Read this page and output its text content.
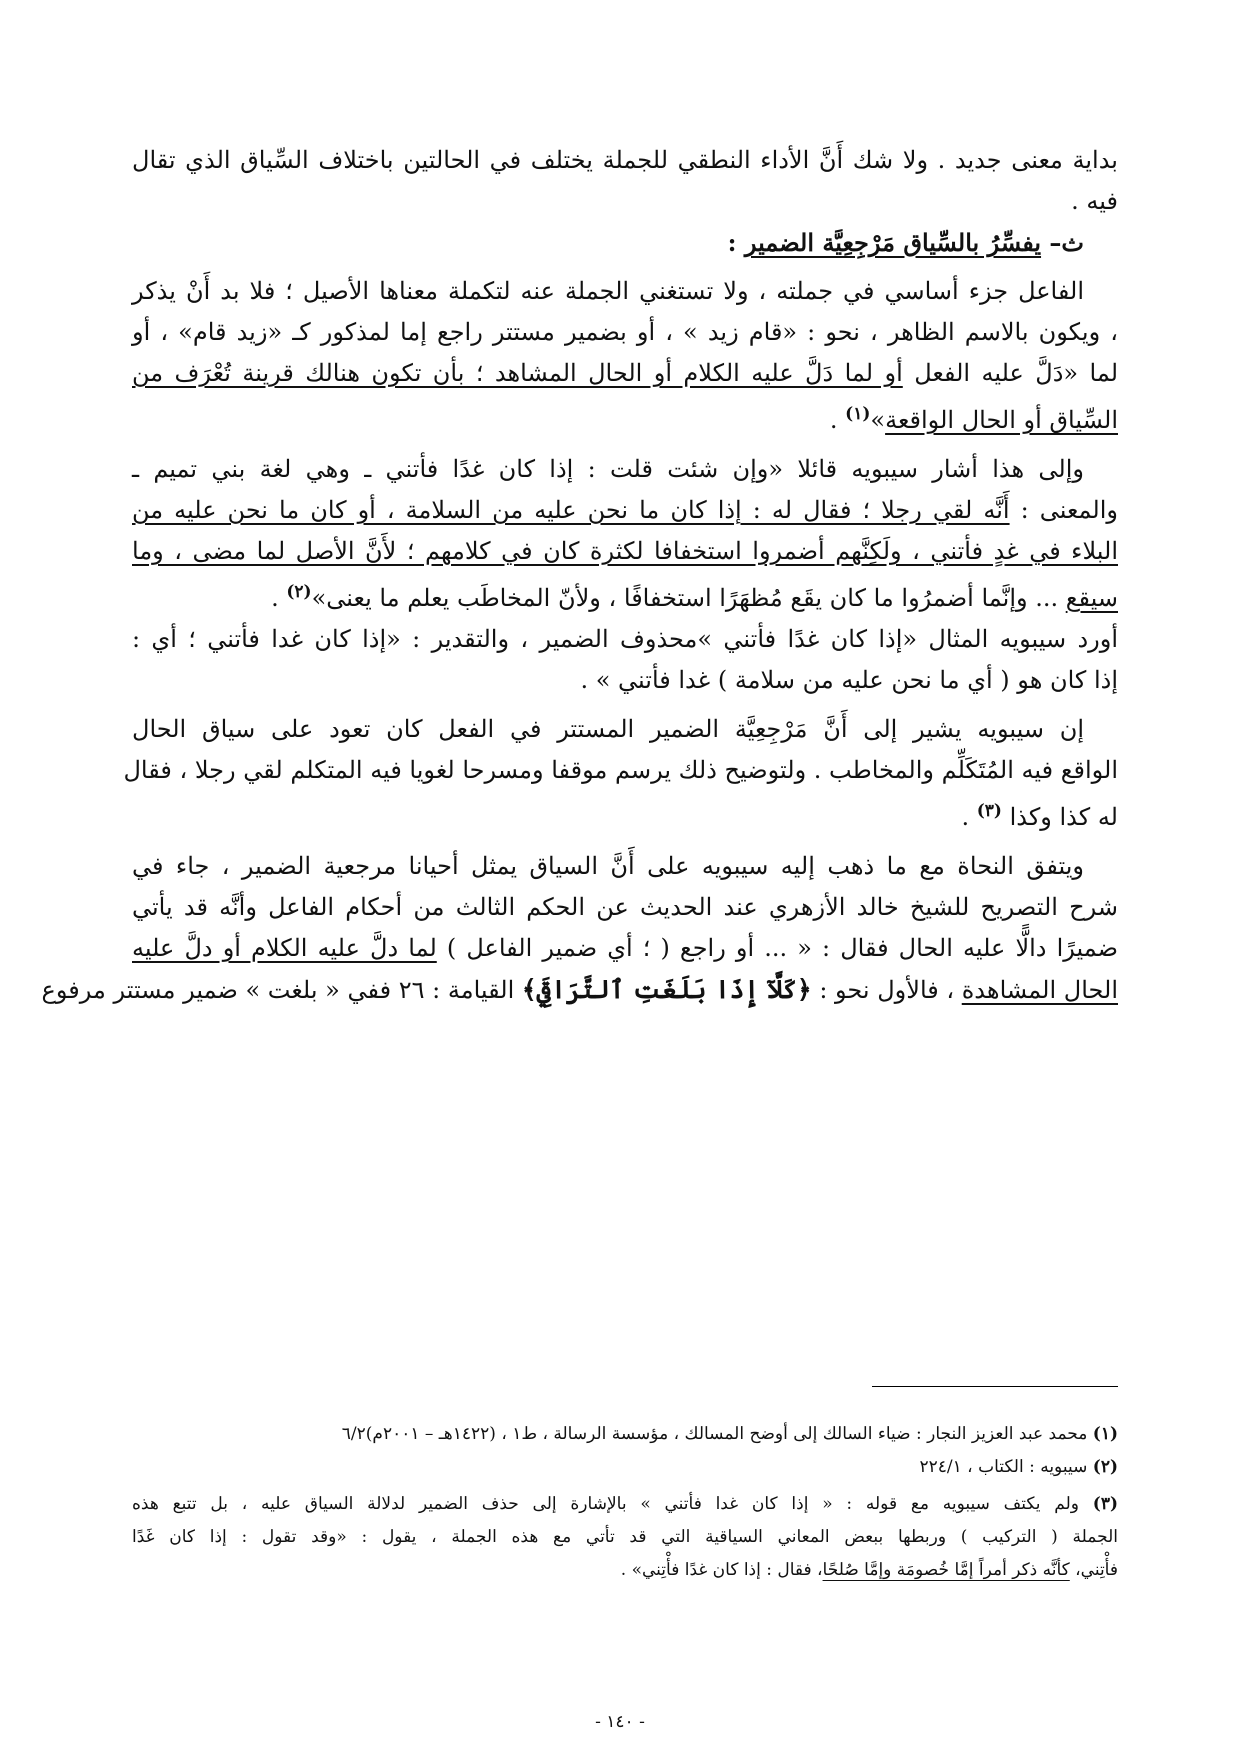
بداية معنى جديد . ولا شك أَنَّ الأداء النطقي للجملة يختلف في الحالتين باختلاف السِّياق الذي تقال

فيه .

ث– يفسِّرُ بالسِّياق مَرْجِعِيَّة الضمير :

الفاعل جزء أساسي في جملته ، ولا تستغني الجملة عنه لتكملة معناها الأصيل ؛ فلا بد أَنْ يذكر

، ويكون بالاسم الظاهر ، نحو : «قام زيد » ، أو بضمير مستتر راجع إما لمذكور كـ «زيد قام» ، أو

لما «دَلَّ عليه الفعل أو لما دَلَّ عليه الكلام أو الحال المشاهد ؛ بأن تكون هنالك قرينة تُعْرَف من

السِّياق أو الحال الواقعة»$^{(١)}$ .

وإلى هذا أشار سيبويه قائلا «وإن شئت قلت : إذا كان غدًا فأتني ـ وهي لغة بني تميم ـ

والمعنى : أَنَّه لقي رجلا ؛ فقال له : إذا كان ما نحن عليه من السلامة ، أو كان ما نحن عليه من

البلاء في غدٍ فأتني ، ولَكِنَّهم أضمروا استخفافا لكثرة كان في كلامهم ؛ لأَنَّ الأصل لما مضى ، وما

سيقع ... وإنَّما أضمرُوا ما كان يقَع مُظهَرًا استخفافًا ، ولأنّ المخاطَب يعلم ما يعنى»$^{(٢)}$ .

أورد سيبويه المثال «إذا كان غدًا فأتني »محذوف الضمير ، والتقدير : «إذا كان غدا فأتني ؛ أي :

إذا كان هو ( أي ما نحن عليه من سلامة ) غدا فأتني » .

إن سيبويه يشير إلى أَنَّ مَرْجِعِيَّة الضمير المستتر في الفعل كان تعود على سياق الحال

الواقع فيه المُتَكَلِّم والمخاطب . ولتوضيح ذلك يرسم موقفا ومسرحا لغويا فيه المتكلم لقي رجلا ، فقال

له كذا وكذا $^{(٣)}$ .

ويتفق النحاة مع ما ذهب إليه سيبويه على أَنَّ السياق يمثل أحيانا مرجعية الضمير ، جاء في

شرح التصريح للشيخ خالد الأزهري عند الحديث عن الحكم الثالث من أحكام الفاعل وأنَّه قد يأتي

ضميرًا دالًّا عليه الحال فقال : « ... أو راجع ( ؛ أي ضمير الفاعل ) لما دلَّ عليه الكلام أو دلَّ عليه

الحال المشاهدة ، فالأول نحو : ﴿كَلَّآ إِذَا بَلَغَتِ ٱلتَّرَاقِيَ﴾ القيامة : ٢٦ ففي « بلغت » ضمير مستتر مرفوع

(١) محمد عبد العزيز النجار : ضياء السالك إلى أوضح المسالك ، مؤسسة الرسالة ، ط١ ، (١٤٢٢هـ – ٢٠٠١م)٦/٢

(٢) سيبويه : الكتاب ، ٢٢٤/١

(٣) ولم يكتف سيبويه مع قوله : « إذا كان غدا فأتني » بالإشارة إلى حذف الضمير لدلالة السياق عليه ، بل تتبع هذه

الجملة ( التركيب ) وربطها ببعض المعاني السياقية التي قد تأتي مع هذه الجملة ، يقول : «وقد تقول : إذا كان غَدًا

فأْتِني، كأنَّه ذكر أمراً إمَّا خُصومَة وإمَّا صُلحًا، فقال : إذا كان غدًا فأْتِني» .

- ١٤٠ -
